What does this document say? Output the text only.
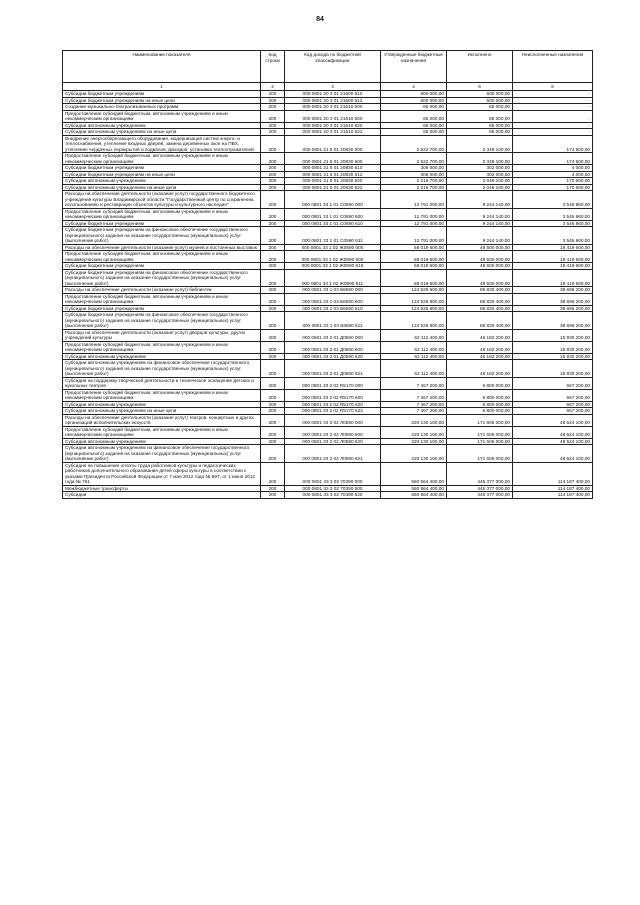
84
Наименование показателя	Код строки	Код дохода по бюджетной классификации	Утвержденные бюджетные назначения	Исполнено	Неисполненные назначения
1	2	3	4	5	6
Субсидии бюджетным учреждениям	200	000 0801 20 3 01 21600 610	500 000,00	500 000,00	-
Субсидии бюджетным учреждениям на иные цели	200	000 0801 20 3 01 21600 612	500 000,00	500 000,00	-
Создание музыкально-театрализованных программ	200	000 0801 20 3 01 21610 000	65 000,00	65 000,00	-
Предоставление субсидий бюджетным, автономным учреждениям и иным некоммерческим организациям	200	000 0801 20 3 01 21610 600	65 000,00	65 000,00	-
Субсидии автономным учреждениям	200	000 0801 20 3 01 21610 620	65 000,00	65 000,00	-
Субсидии автономным учреждениям на иные цели	200	000 0801 20 3 01 21610 622	65 000,00	65 000,00	-
Внедрение энергосберегающего оборудования, модернизация систем энерго- и теплоснабжения, утепление входных дверей, замена деревянных окон на ПВХ, утепление чердачных перекрытий и подвалов, фасадов, установка теплоотражателей	200	000 0801 21 5 01 20830 000	2 522 700,00	2 348 100,00	174 600,00
Предоставление субсидий бюджетным, автономным учреждениям и иным некоммерческим организациям	200	000 0801 21 5 01 20830 600	2 522 700,00	2 348 100,00	174 600,00
Субсидии бюджетным учреждениям	200	000 0801 21 5 01 20830 610	306 000,00	302 000,00	4 000,00
Субсидии бюджетным учреждениям на иные цели	200	000 0801 21 5 01 20830 612	306 000,00	302 000,00	4 000,00
Субсидии автономным учреждениям	200	000 0801 21 5 01 20830 620	2 216 700,00	2 046 100,00	170 600,00
Субсидии автономным учреждениям на иные цели	200	000 0801 21 5 01 20830 622	2 216 700,00	2 046 100,00	170 600,00
Расходы на обеспечение деятельности (оказание услуг) государственного бюджетного учреждения культуры Владимирской области "Государственный центр по сохранению, использованию и реставрации объектов культуры и культурного наследия"	200	000 0801 33 1 01 С0590 000	12 791 000,00	9 244 140,00	3 546 860,00
Предоставление субсидий бюджетным, автономным учреждениям и иным некоммерческим организациям	200	000 0801 33 1 01 С0590 600	12 791 000,00	9 244 140,00	3 546 860,00
Субсидии бюджетным учреждениям	200	000 0801 33 1 01 С0590 610	12 791 000,00	9 244 140,00	3 546 860,00
Субсидии бюджетным учреждениям на финансовое обеспечение государственного (муниципального) задания на оказание государственных (муниципальных) услуг (выполнение работ)	200	000 0801 33 1 01 С0590 611	12 791 000,00	9 244 140,00	3 546 860,00
Расходы на обеспечение деятельности (оказание услуг) музеев и постоянных выставок	200	000 0801 33 1 02 Ж0590 000	68 019 600,00	48 600 000,00	19 419 600,00
Предоставление субсидий бюджетным, автономным учреждениям и иным некоммерческим организациям	200	000 0801 33 1 02 Ж0590 600	68 019 600,00	48 600 000,00	19 419 600,00
Субсидии бюджетным учреждениям	200	000 0801 33 1 02 Ж0590 610	68 019 600,00	48 600 000,00	19 419 600,00
Субсидии бюджетным учреждениям на финансовое обеспечение государственного (муниципального) задания на оказание государственных (муниципальных) услуг (выполнение работ)	200	000 0801 33 1 02 Ж0590 611	68 019 600,00	48 600 000,00	19 419 600,00
Расходы на обеспечение деятельности (оказание услуг) библиотек	200	000 0801 33 1 03 Б6590 000	124 525 600,00	85 830 400,00	38 695 200,00
Предоставление субсидий бюджетным, автономным учреждениям и иным некоммерческим организациям	200	000 0801 33 1 03 Б6590 600	124 525 600,00	85 830 400,00	38 695 200,00
Субсидии бюджетным учреждениям	200	000 0801 33 1 03 Б6590 610	124 525 600,00	85 830 400,00	38 695 200,00
Субсидии бюджетным учреждениям на финансовое обеспечение государственного (муниципального) задания на оказание государственных (муниципальных) услуг (выполнение работ)	200	000 0801 33 1 03 Б6590 611	124 525 600,00	85 830 400,00	38 695 200,00
Расходы на обеспечение деятельности (оказание услуг) дворцов культуры, других учреждений культуры	200	000 0801 33 2 01 Д0590 000	62 112 400,00	46 182 200,00	15 930 200,00
Предоставление субсидий бюджетным, автономным учреждениям и иным некоммерческим организациям	200	000 0801 33 2 01 Д0590 600	62 112 400,00	46 182 200,00	15 930 200,00
Субсидии автономным учреждениям	200	000 0801 33 2 01 Д0590 620	62 112 400,00	46 182 200,00	15 930 200,00
Субсидии автономным учреждениям на финансовое обеспечение государственного (муниципального) задания на оказание государственных (муниципальных) услуг (выполнение работ)	200	000 0801 33 2 01 Д0590 621	62 112 400,00	46 182 200,00	15 930 200,00
Субсидия на поддержку творческой деятельности и техническое оснащение детских и кукольных театров	200	000 0801 33 2 02 R5170 000	7 467 200,00	6 800 000,00	667 200,00
Предоставление субсидий бюджетным, автономным учреждениям и иным некоммерческим организациям	200	000 0801 33 2 02 R5170 600	7 467 200,00	6 800 000,00	667 200,00
Субсидии автономным учреждениям	200	000 0801 33 2 02 R5170 620	7 467 200,00	6 800 000,00	667 200,00
Субсидии автономным учреждениям на иные цели	200	000 0801 33 2 02 R5170 622	7 467 200,00	6 800 000,00	667 200,00
Расходы на обеспечение деятельности (оказание услуг) театров, концертных и других организаций исполнительских искусств	200	000 0801 33 2 02 Л0590 000	220 130 100,00	171 606 000,00	48 524 100,00
Предоставление субсидий бюджетным, автономным учреждениям и иным некоммерческим организациям	200	000 0801 33 2 02 Л0590 600	220 130 100,00	171 606 000,00	48 524 100,00
Субсидии автономным учреждениям	200	000 0801 33 2 02 Л0590 620	220 130 100,00	171 606 000,00	48 524 100,00
Субсидии автономным учреждениям на финансовое обеспечение государственного (муниципального) задания на оказание государственных (муниципальных) услуг (выполнение работ)	200	000 0801 33 2 02 Л0590 621	220 130 100,00	171 606 000,00	48 524 100,00
Субсидия на повышение оплаты труда работников культуры и педагогических работников дополнительного образования детей сферы культуры в соответствии с указами Президента Российской Федерации от 7 мая 2012 года № 597, от 1 июня 2012 года № 761	200	000 0801 33 3 02 70390 000	560 564 400,00	446 377 000,00	114 187 400,00
Межбюджетные трансферты	200	000 0801 33 3 02 70390 500	560 564 400,00	446 377 000,00	114 187 400,00
Субсидии	200	000 0801 33 3 02 70390 520	560 564 400,00	446 377 000,00	114 187 400,00
